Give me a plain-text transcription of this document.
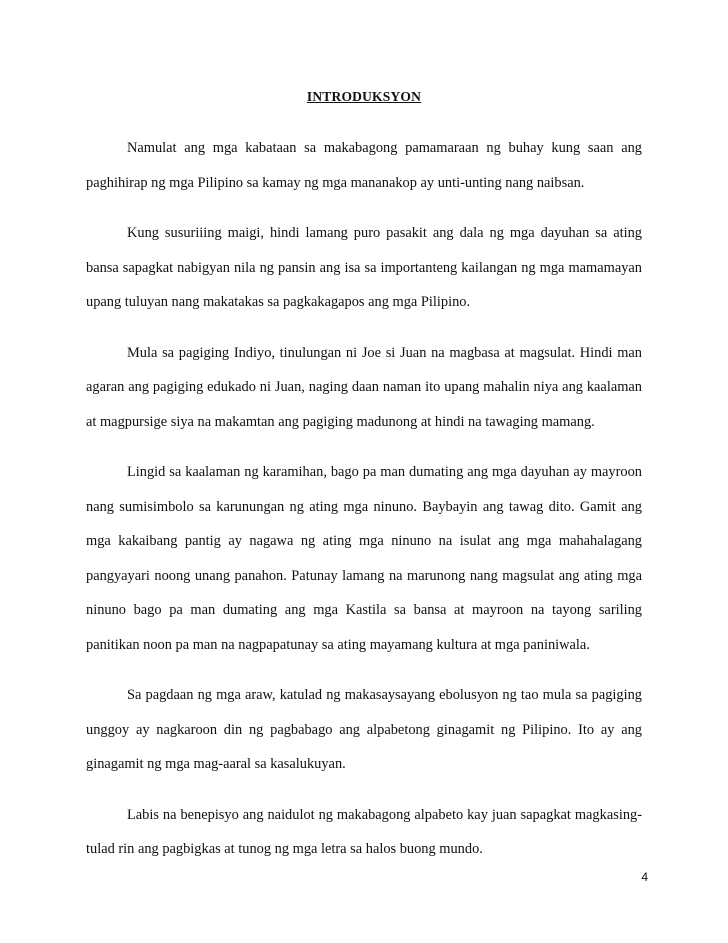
INTRODUKSYON

Namulat ang mga kabataan sa makabagong pamamaraan ng buhay kung saan ang paghihirap ng mga Pilipino sa kamay ng mga mananakop ay unti-unting nang naibsan.

Kung susuriiing maigi, hindi lamang puro pasakit ang dala ng mga dayuhan sa ating bansa sapagkat nabigyan nila ng pansin ang isa sa importanteng kailangan ng mga mamamayan upang tuluyan nang makatakas sa pagkakagapos ang mga Pilipino.

Mula sa pagiging Indiyo, tinulungan ni Joe si Juan na magbasa at magsulat. Hindi man agaran ang pagiging edukado ni Juan, naging daan naman ito upang mahalin niya ang kaalaman at magpursige siya na makamtan ang pagiging madunong at hindi na tawaging mamang.

Lingid sa kaalaman ng karamihan, bago pa man dumating ang mga dayuhan ay mayroon nang sumisimbolo sa karunungan ng ating mga ninuno. Baybayin ang tawag dito. Gamit ang mga kakaibang pantig ay nagawa ng ating mga ninuno na isulat ang mga mahahalagang pangyayari noong unang panahon. Patunay lamang na marunong nang magsulat ang ating mga ninuno bago pa man dumating ang mga Kastila sa bansa at mayroon na tayong sariling panitikan noon pa man na nagpapatunay sa ating mayamang kultura at mga paniniwala.

Sa pagdaan ng mga araw, katulad ng makasaysayang ebolusyon ng tao mula sa pagiging unggoy ay nagkaroon din ng pagbabago ang alpabetong ginagamit ng Pilipino. Ito ay ang ginagamit ng mga mag-aaral sa kasalukuyan.

Labis na benepisyo ang naidulot ng makabagong alpabeto kay juan sapagkat magkasing-tulad rin ang pagbigkas at tunog ng mga letra sa halos buong mundo.

4
